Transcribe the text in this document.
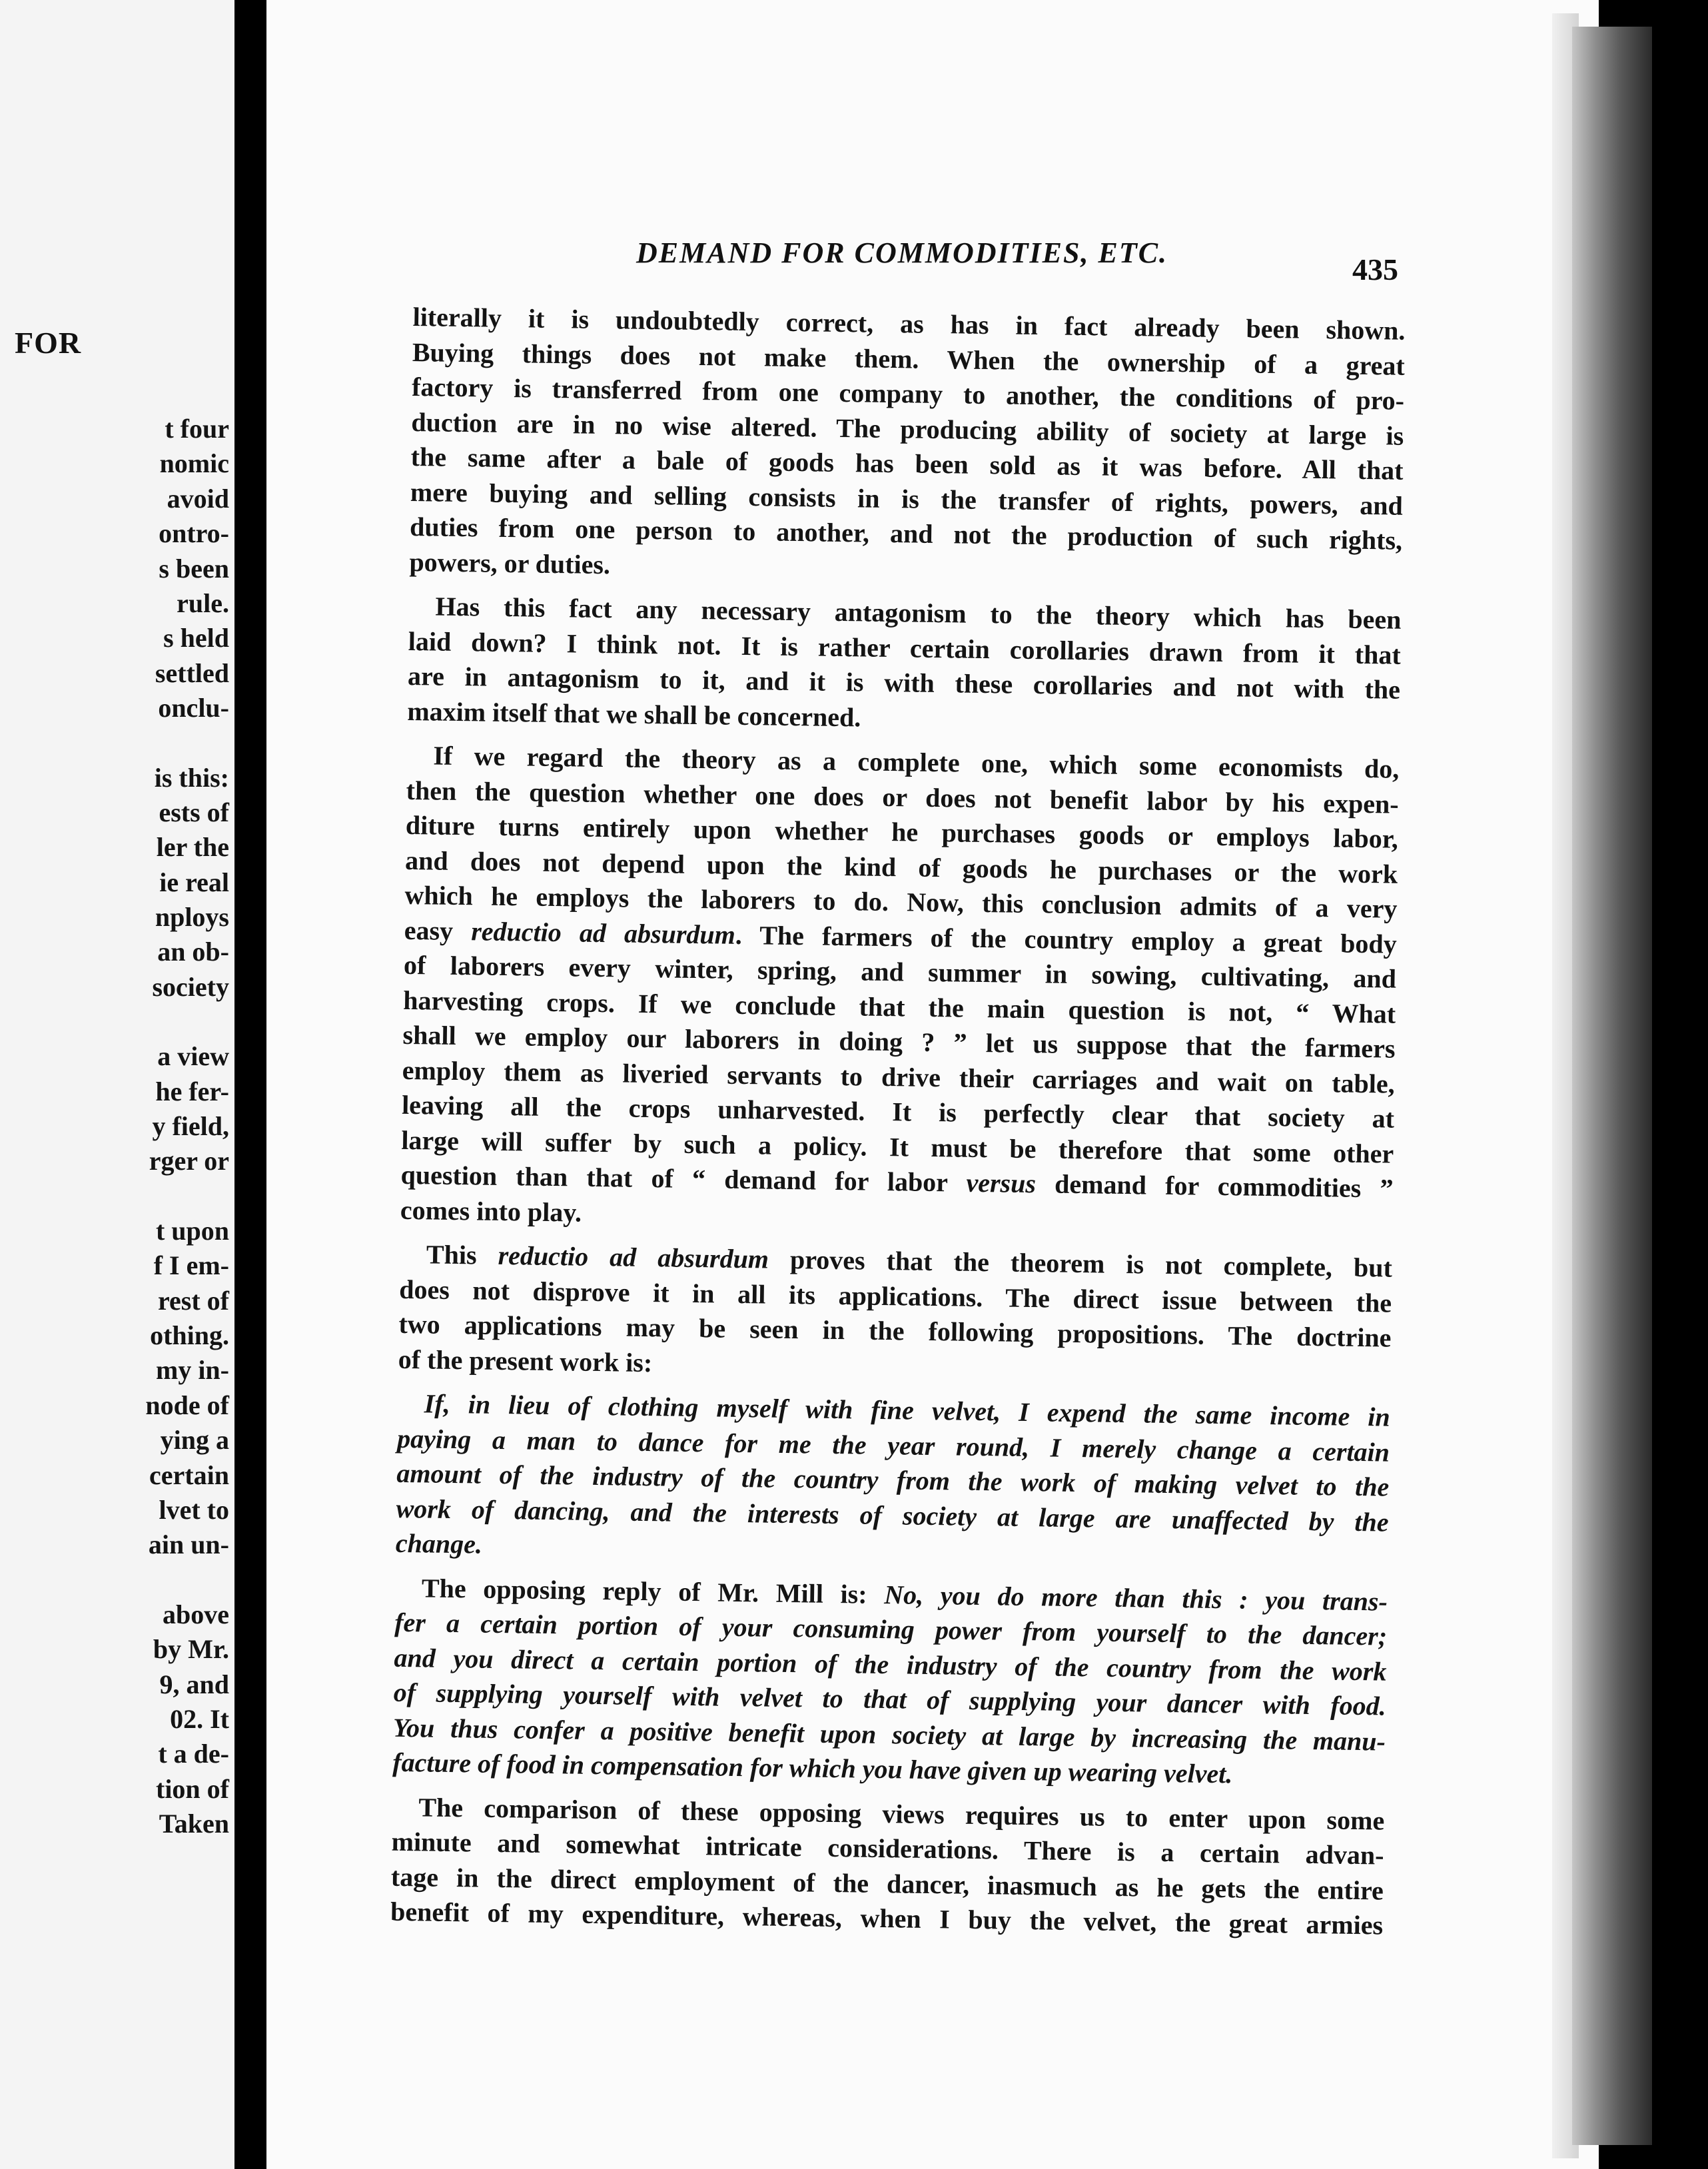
FOR
t four
nomic
avoid
ontro-
s been
rule.
s held
settled
onclu-
is this:
ests of
ler the
ie real
nploys
an ob-
society
a view
he fer-
y field,
rger or
t upon
f I em-
rest of
othing.
my in-
node of
ying a
certain
lvet to
ain un-
above
by Mr.
9, and
02. It
t a de-
tion of
Taken
DEMAND FOR COMMODITIES, ETC.	435
literally it is undoubtedly correct, as has in fact already been shown.
Buying things does not make them. When the ownership of a great
factory is transferred from one company to another, the conditions of pro-
duction are in no wise altered. The producing ability of society at large is
the same after a bale of goods has been sold as it was before. All that
mere buying and selling consists in is the transfer of rights, powers, and
duties from one person to another, and not the production of such rights,
powers, or duties.
Has this fact any necessary antagonism to the theory which has been
laid down? I think not. It is rather certain corollaries drawn from it that
are in antagonism to it, and it is with these corollaries and not with the
maxim itself that we shall be concerned.
If we regard the theory as a complete one, which some economists do,
then the question whether one does or does not benefit labor by his expen-
diture turns entirely upon whether he purchases goods or employs labor,
and does not depend upon the kind of goods he purchases or the work
which he employs the laborers to do. Now, this conclusion admits of a very
easy reductio ad absurdum. The farmers of the country employ a great body
of laborers every winter, spring, and summer in sowing, cultivating, and
harvesting crops. If we conclude that the main question is not, “ What
shall we employ our laborers in doing ? ” let us suppose that the farmers
employ them as liveried servants to drive their carriages and wait on table,
leaving all the crops unharvested. It is perfectly clear that society at
large will suffer by such a policy. It must be therefore that some other
question than that of “ demand for labor versus demand for commodities ”
comes into play.
This reductio ad absurdum proves that the theorem is not complete, but
does not disprove it in all its applications. The direct issue between the
two applications may be seen in the following propositions. The doctrine
of the present work is:
If, in lieu of clothing myself with fine velvet, I expend the same income in
paying a man to dance for me the year round, I merely change a certain
amount of the industry of the country from the work of making velvet to the
work of dancing, and the interests of society at large are unaffected by the
change.
The opposing reply of Mr. Mill is: No, you do more than this : you trans-
fer a certain portion of your consuming power from yourself to the dancer;
and you direct a certain portion of the industry of the country from the work
of supplying yourself with velvet to that of supplying your dancer with food.
You thus confer a positive benefit upon society at large by increasing the manu-
facture of food in compensation for which you have given up wearing velvet.
The comparison of these opposing views requires us to enter upon some
minute and somewhat intricate considerations. There is a certain advan-
tage in the direct employment of the dancer, inasmuch as he gets the entire
benefit of my expenditure, whereas, when I buy the velvet, the great armies
